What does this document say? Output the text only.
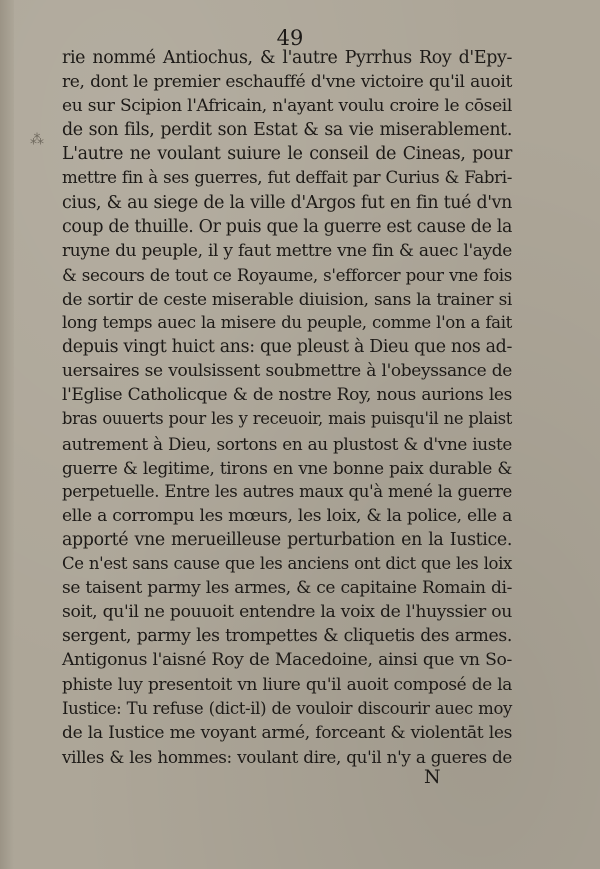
49
⁂
rie nommé Antiochus, & l'autre Pyrrhus Roy d'Epy-
re, dont le premier eschauffé d'vne victoire qu'il auoit
eu sur Scipion l'Africain, n'ayant voulu croire le cōseil
de son fils, perdit son Estat & sa vie miserablement.
L'autre ne voulant suiure le conseil de Cineas, pour
mettre fin à ses guerres, fut deffait par Curius & Fabri-
cius, & au siege de la ville d'Argos fut en fin tué d'vn
coup de thuille. Or puis que la guerre est cause de la
ruyne du peuple, il y faut mettre vne fin & auec l'ayde
& secours de tout ce Royaume, s'efforcer pour vne fois
de sortir de ceste miserable diuision, sans la trainer si
long temps auec la misere du peuple, comme l'on a fait
depuis vingt huict ans: que pleust à Dieu que nos ad-
uersaires se voulsissent soubmettre à l'obeyssance de
l'Eglise Catholicque & de nostre Roy, nous aurions les
bras ouuerts pour les y receuoir, mais puisqu'il ne plaist
autrement à Dieu, sortons en au plustost & d'vne iuste
guerre & legitime, tirons en vne bonne paix durable &
perpetuelle. Entre les autres maux qu'à mené la guerre
elle a corrompu les mœurs, les loix, & la police, elle a
apporté vne merueilleuse perturbation en la Iustice.
Ce n'est sans cause que les anciens ont dict que les loix
se taisent parmy les armes, & ce capitaine Romain di-
soit, qu'il ne pouuoit entendre la voix de l'huyssier ou
sergent, parmy les trompettes & cliquetis des armes.
Antigonus l'aisné Roy de Macedoine, ainsi que vn So-
phiste luy presentoit vn liure qu'il auoit composé de la
Iustice: Tu refuse (dict-il) de vouloir discourir auec moy
de la Iustice me voyant armé, forceant & violentāt les
villes & les hommes: voulant dire, qu'il n'y a gueres de
N
